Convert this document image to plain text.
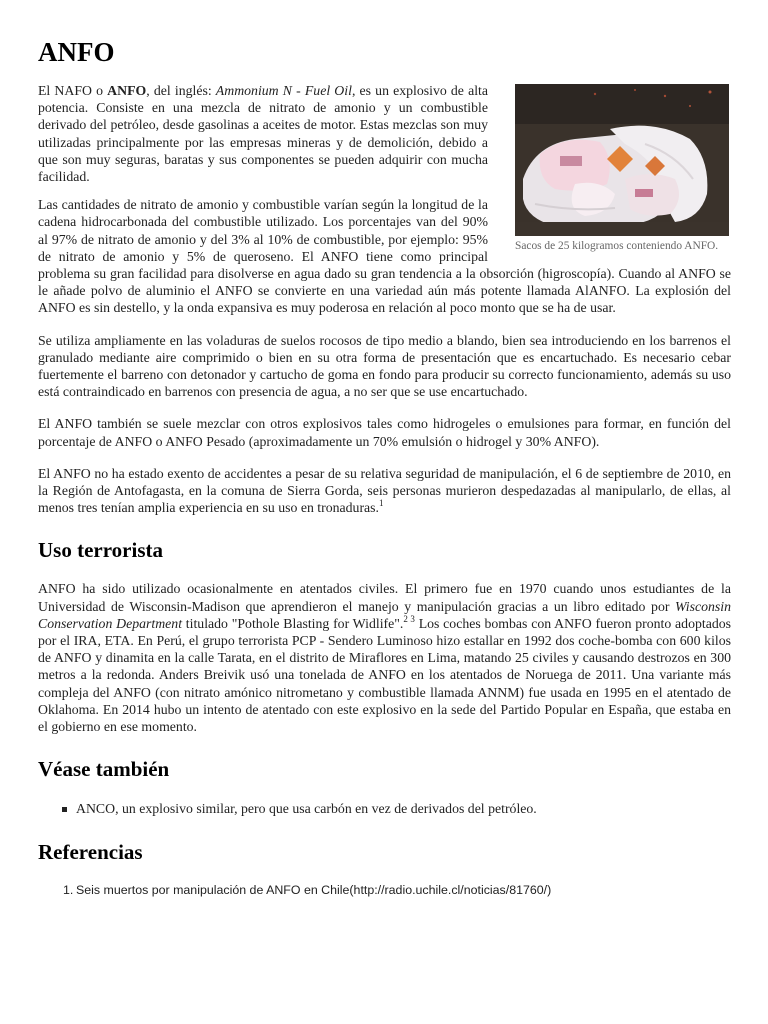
ANFO
Sacos de 25 kilogramos conteniendo ANFO.

El NAFO o ANFO, del inglés: Ammonium N - Fuel Oil, es un explosivo de alta potencia. Consiste en una mezcla de nitrato de amonio y un combustible derivado del petróleo, desde gasolinas a aceites de motor. Estas mezclas son muy utilizadas principalmente por las empresas mineras y de demolición, debido a que son muy seguras, baratas y sus componentes se pueden adquirir con mucha facilidad.

Las cantidades de nitrato de amonio y combustible varían según la longitud de la cadena hidrocarbonada del combustible utilizado. Los porcentajes van del 90% al 97% de nitrato de amonio y del 3% al 10% de combustible, por ejemplo: 95% de nitrato de amonio y 5% de queroseno. El ANFO tiene como principal problema su gran facilidad para disolverse en agua dado su gran tendencia a la obsorción (higroscopía). Cuando al ANFO se le añade polvo de aluminio el ANFO se convierte en una variedad aún más potente llamada AlANFO. La explosión del ANFO es sin destello, y la onda expansiva es muy poderosa en relación al poco monto que se ha de usar.

Se utiliza ampliamente en las voladuras de suelos rocosos de tipo medio a blando, bien sea introduciendo en los barrenos el granulado mediante aire comprimido o bien en su otra forma de presentación que es encartuchado. Es necesario cebar fuertemente el barreno con detonador y cartucho de goma en fondo para producir su correcto funcionamiento, además su uso está contraindicado en barrenos con presencia de agua, a no ser que se use encartuchado.

El ANFO también se suele mezclar con otros explosivos tales como hidrogeles o emulsiones para formar, en función del porcentaje de ANFO o ANFO Pesado (aproximadamente un 70% emulsión o hidrogel y 30% ANFO).

El ANFO no ha estado exento de accidentes a pesar de su relativa seguridad de manipulación, el 6 de septiembre de 2010, en la Región de Antofagasta, en la comuna de Sierra Gorda, seis personas murieron despedazadas al manipularlo, de ellas, al menos tres tenían amplia experiencia en su uso en tronaduras.$^1$

Uso terrorista

ANFO ha sido utilizado ocasionalmente en atentados civiles. El primero fue en 1970 cuando unos estudiantes de la Universidad de Wisconsin-Madison que aprendieron el manejo y manipulación gracias a un libro editado por Wisconsin Conservation Department titulado "Pothole Blasting for Widlife".$^{2 3}$ Los coches bombas con ANFO fueron pronto adoptados por el IRA, ETA. En Perú, el grupo terrorista PCP - Sendero Luminoso hizo estallar en 1992 dos coche-bomba con 600 kilos de ANFO y dinamita en la calle Tarata, en el distrito de Miraflores en Lima, matando 25 civiles y causando destrozos en 300 metros a la redonda. Anders Breivik usó una tonelada de ANFO en los atentados de Noruega de 2011. Una variante más compleja del ANFO (con nitrato amónico nitrometano y combustible llamada ANNM) fue usada en 1995 en el atentado de Oklahoma. En 2014 hubo un intento de atentado con este explosivo en la sede del Partido Popular en España, que estaba en el gobierno en ese momento.

Véase también
ANCO, un explosivo similar, pero que usa carbón en vez de derivados del petróleo.
Referencias
1. Seis muertos por manipulación de ANFO en Chile(http://radio.uchile.cl/noticias/81760/)
